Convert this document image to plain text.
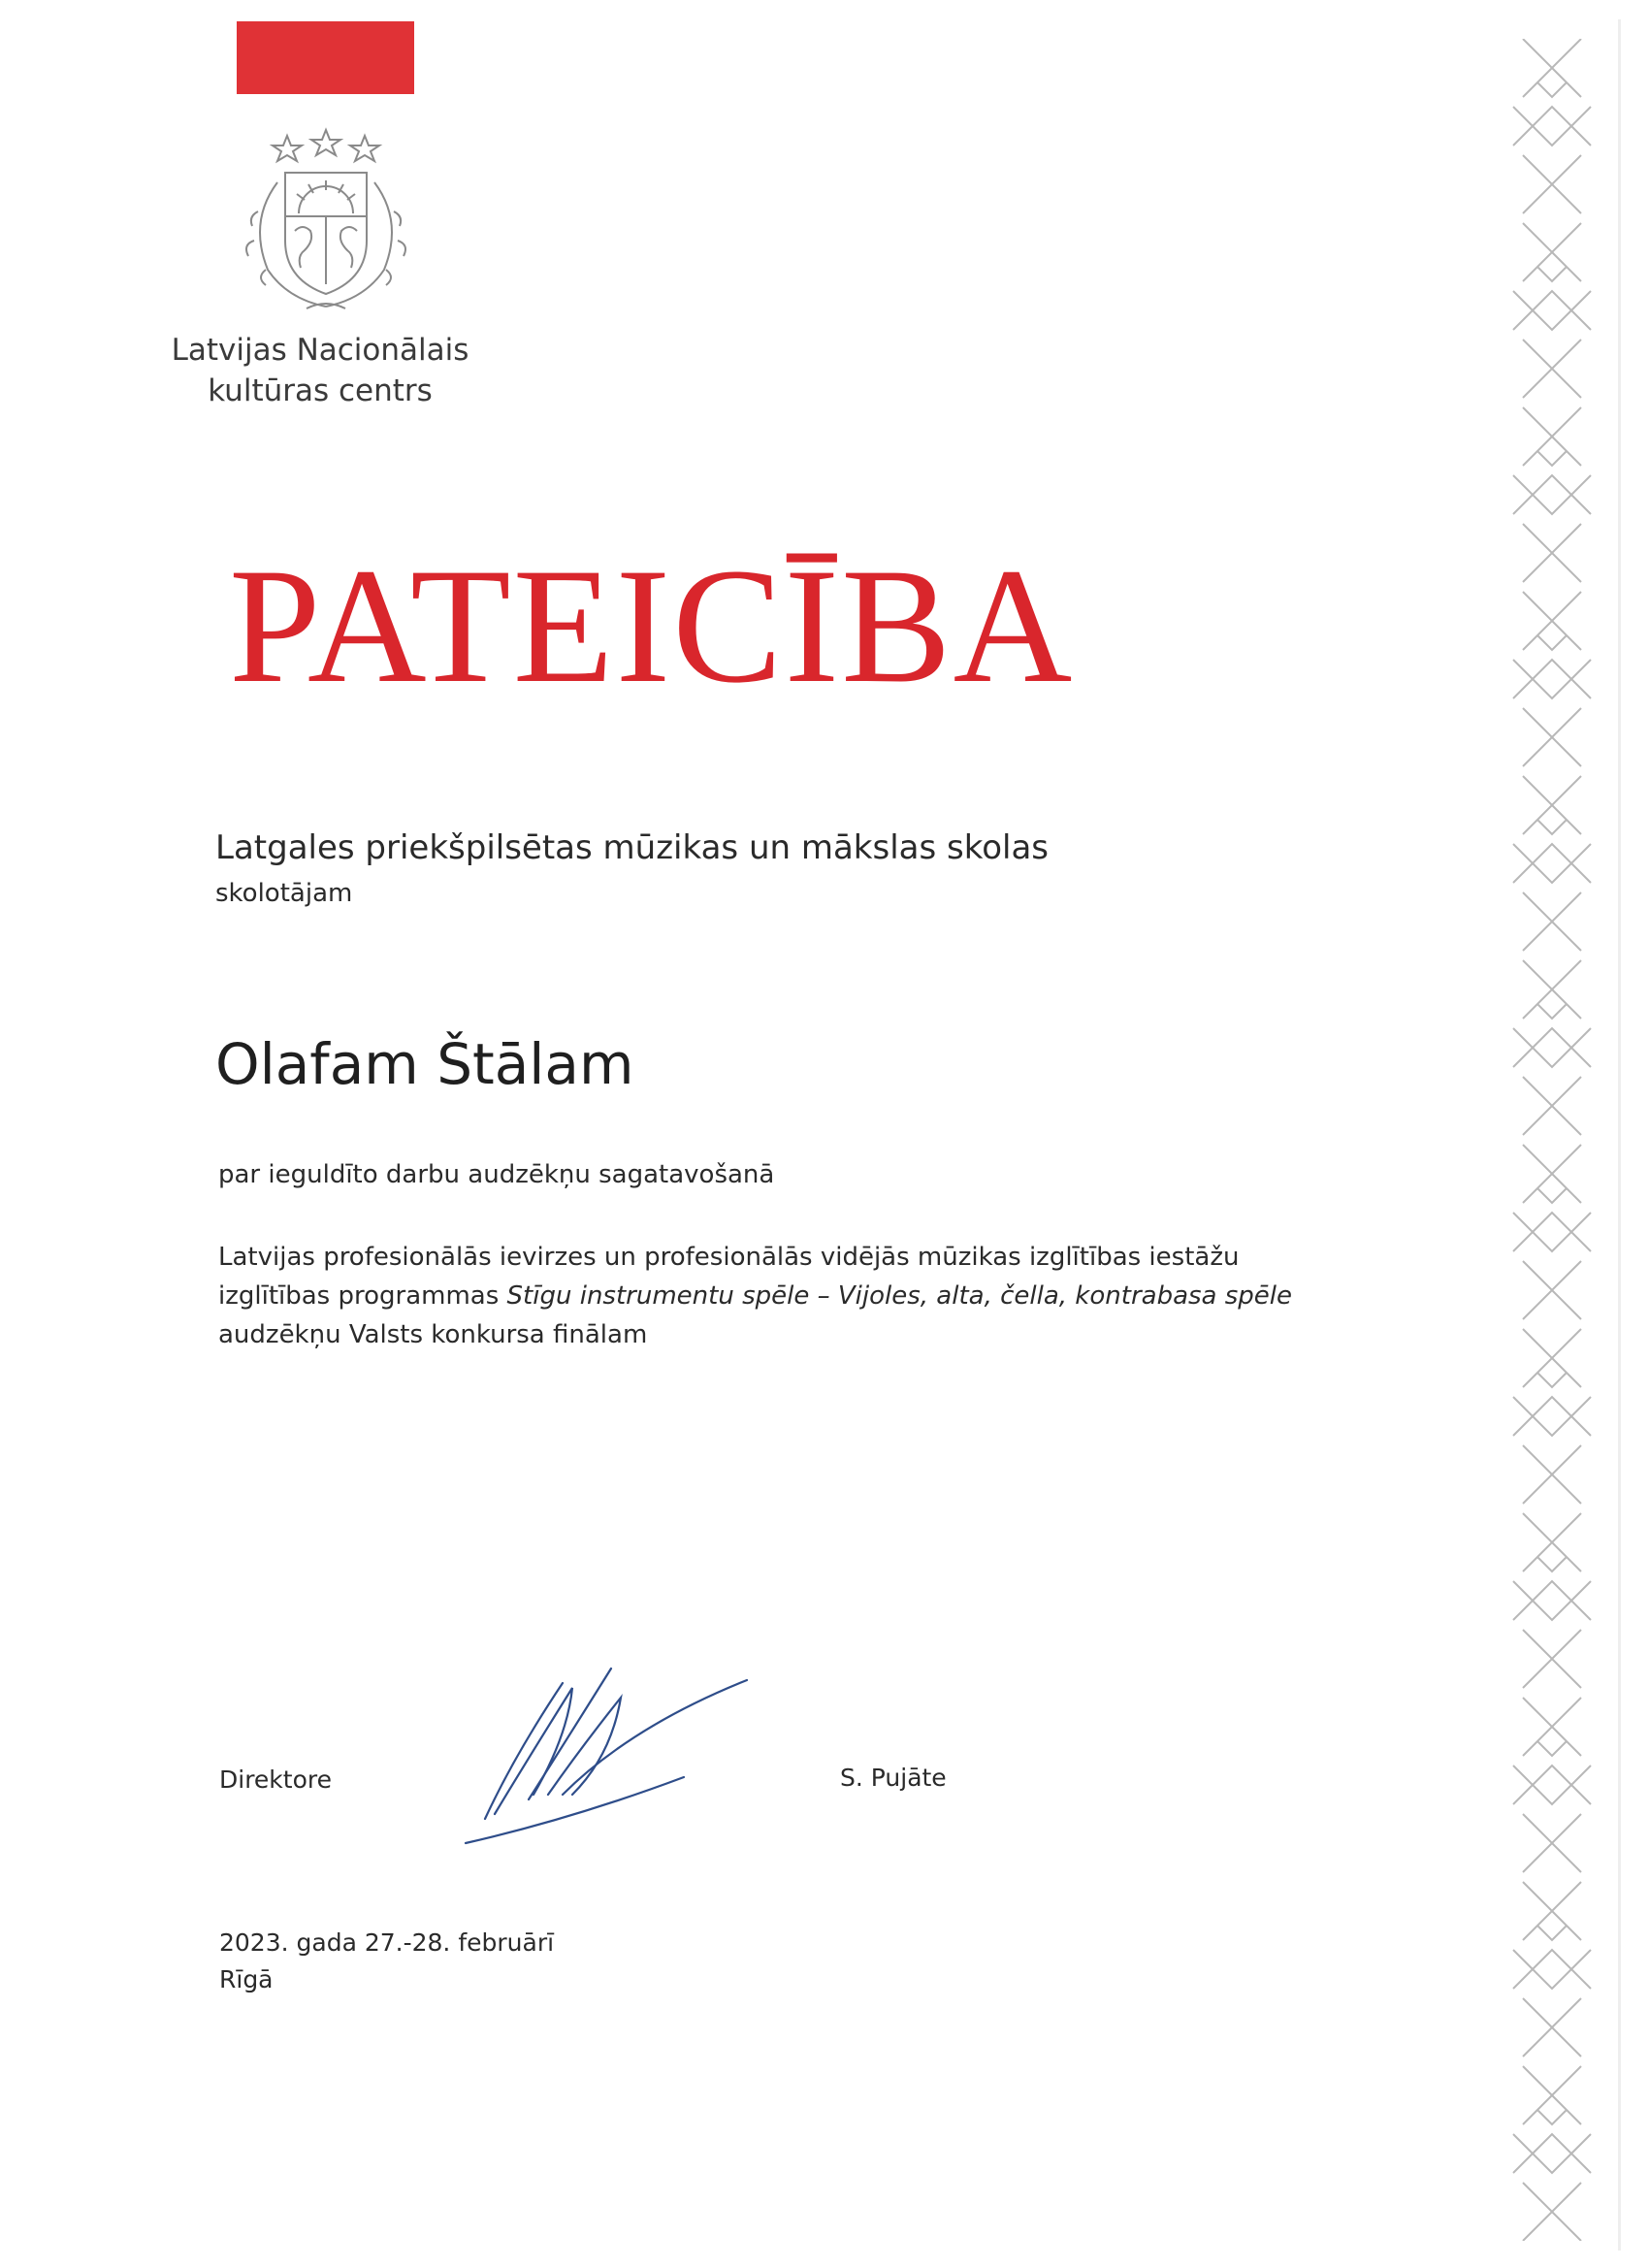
Latvijas Nacionālais
kultūras centrs
PATEICĪBA
Latgales priekšpilsētas mūzikas un mākslas skolas
skolotājam
Olafam Štālam
par ieguldīto darbu audzēkņu sagatavošanā
Latvijas profesionālās ievirzes un profesionālās vidējās mūzikas izglītības iestāžu
izglītības programmas Stīgu instrumentu spēle – Vijoles, alta, čella, kontrabasa spēle
audzēkņu Valsts konkursa finālam
Direktore	S. Pujāte
2023. gada 27.-28. februārī
Rīgā
